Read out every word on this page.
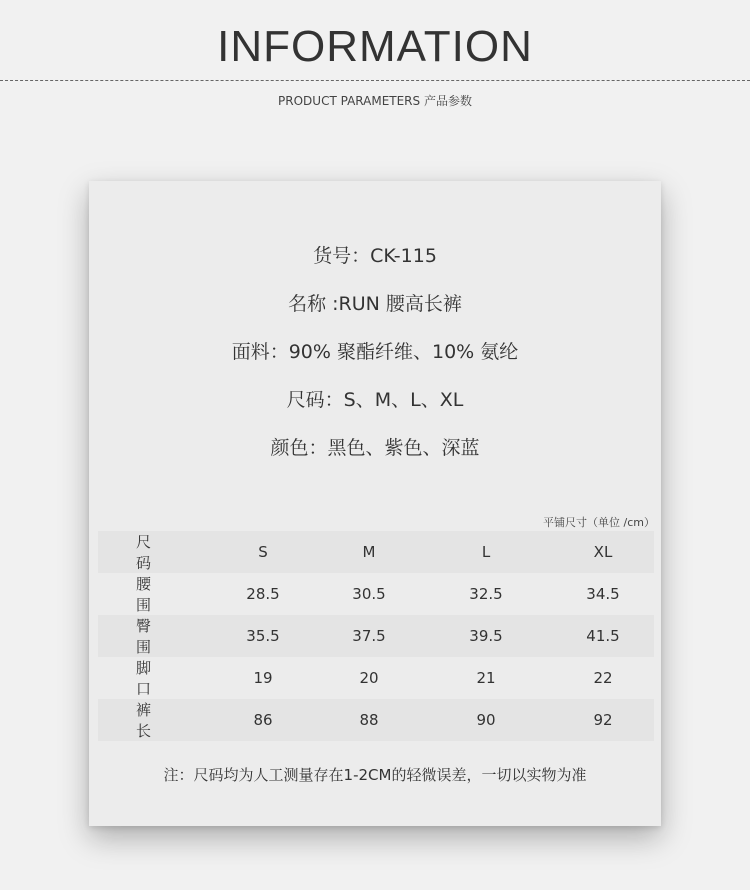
INFORMATION
PRODUCT PARAMETERS 产品参数
货号：CK-115
名称 :RUN 腰高长裤
面料：90% 聚酯纤维、10% 氨纶
尺码：S、M、L、XL
颜色：黑色、紫色、深蓝
平铺尺寸（单位 /cm）
尺码	S	M	L	XL
腰围	28.5	30.5	32.5	34.5
臀围	35.5	37.5	39.5	41.5
脚口	19	20	21	22
裤长	86	88	90	92
注：尺码均为人工测量存在1-2CM的轻微误差，一切以实物为准
